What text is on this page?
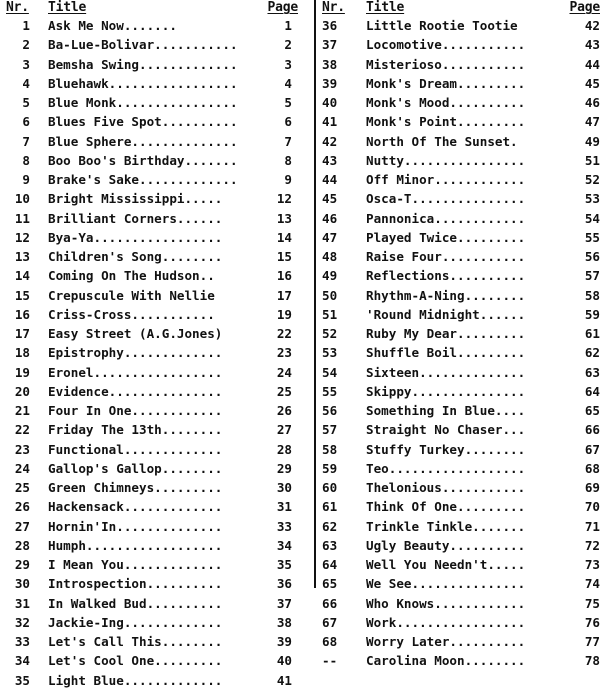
Nr. Title	Page
1 Ask Me Now.......	1
2 Ba-Lue-Bolivar...........	2
3 Bemsha Swing.............	3
4 Bluehawk.................	4
5 Blue Monk................	5
6 Blues Five Spot..........	6
7 Blue Sphere..............	7
8 Boo Boo's Birthday.......	8
9 Brake's Sake.............	9
10 Bright Mississippi.....	12
11 Brilliant Corners......	13
12 Bya-Ya.................	14
13 Children's Song........	15
14 Coming On The Hudson..	16
15 Crepuscule With Nellie	17
16 Criss-Cross...........	19
17 Easy Street (A.G.Jones)	22
18 Epistrophy.............	23
19 Eronel.................	24
20 Evidence...............	25
21 Four In One............	26
22 Friday The 13th........	27
23 Functional.............	28
24 Gallop's Gallop........	29
25 Green Chimneys.........	30
26 Hackensack.............	31
27 Hornin'In..............	33
28 Humph..................	34
29 I Mean You.............	35
30 Introspection..........	36
31 In Walked Bud..........	37
32 Jackie-Ing.............	38
33 Let's Call This........	39
34 Let's Cool One.........	40
35 Light Blue.............	41
Nr. Title	Page
36	Little Rootie Tootie	42
37	Locomotive...........	43
38	Misterioso...........	44
39	Monk's Dream.........	45
40	Monk's Mood..........	46
41	Monk's Point.........	47
42	North Of The Sunset.	49
43	Nutty................	51
44	Off Minor............	52
45	Osca-T...............	53
46	Pannonica............	54
47	Played Twice.........	55
48	Raise Four...........	56
49	Reflections..........	57
50	Rhythm-A-Ning........	58
51	'Round Midnight......	59
52	Ruby My Dear.........	61
53	Shuffle Boil.........	62
54	Sixteen..............	63
55	Skippy...............	64
56	Something In Blue....	65
57	Straight No Chaser...	66
58	Stuffy Turkey........	67
59	Teo..................	68
60	Thelonious...........	69
61	Think Of One.........	70
62	Trinkle Tinkle.......	71
63	Ugly Beauty..........	72
64	Well You Needn't.....	73
65	We See...............	74
66	Who Knows............	75
67	Work.................	76
68	Worry Later..........	77
--	Carolina Moon........	78
